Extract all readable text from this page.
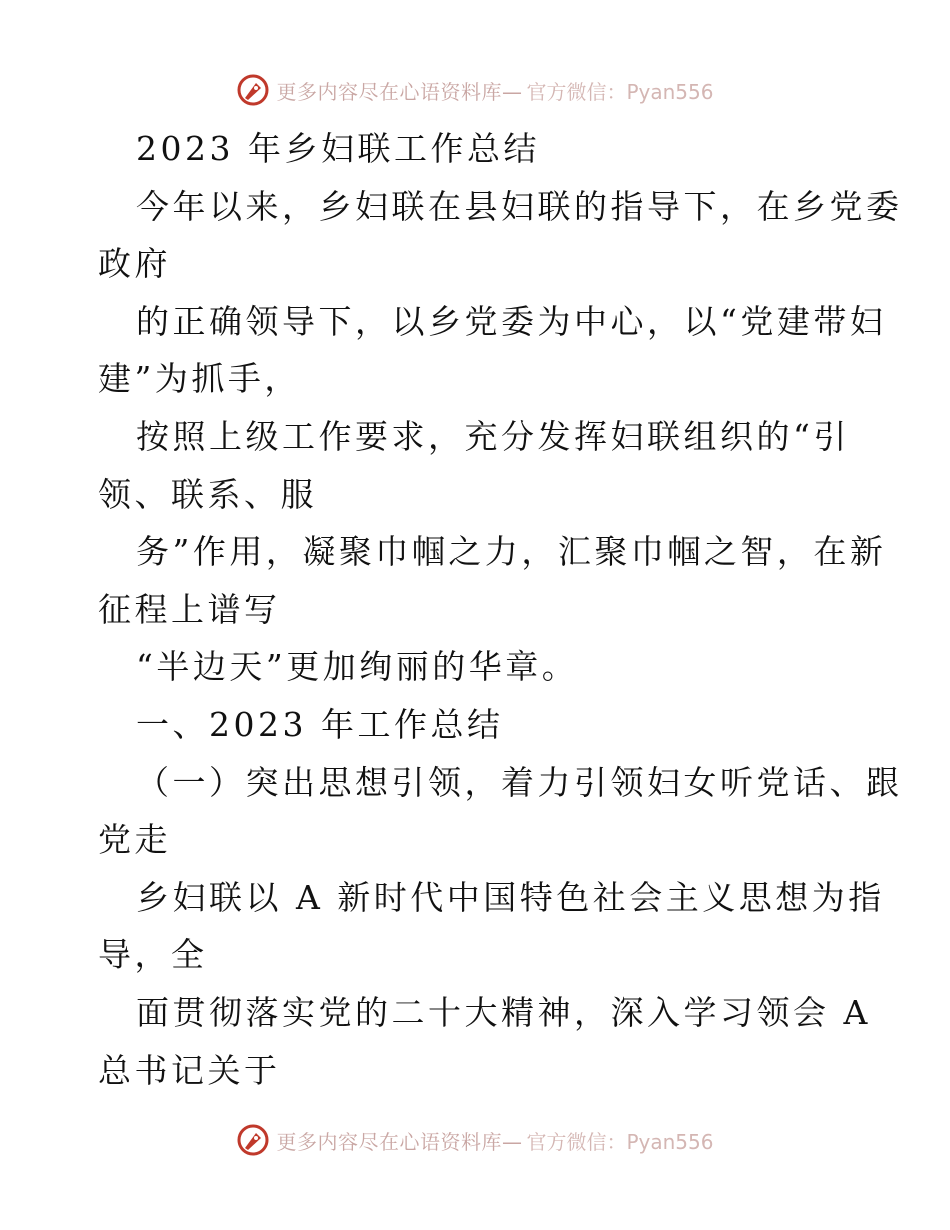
更多内容尽在心语资料库— 官方微信：Pyan556
2023 年乡妇联工作总结
今年以来，乡妇联在县妇联的指导下，在乡党委
政府
的正确领导下，以乡党委为中心，以“党建带妇
建”为抓手，
按照上级工作要求，充分发挥妇联组织的“引
领、联系、服
务”作用，凝聚巾帼之力，汇聚巾帼之智，在新
征程上谱写
“半边天”更加绚丽的华章。
一、2023 年工作总结
（一）突出思想引领，着力引领妇女听党话、跟
党走
乡妇联以 A 新时代中国特色社会主义思想为指
导，全
面贯彻落实党的二十大精神，深入学习领会 A
总书记关于
更多内容尽在心语资料库— 官方微信：Pyan556
